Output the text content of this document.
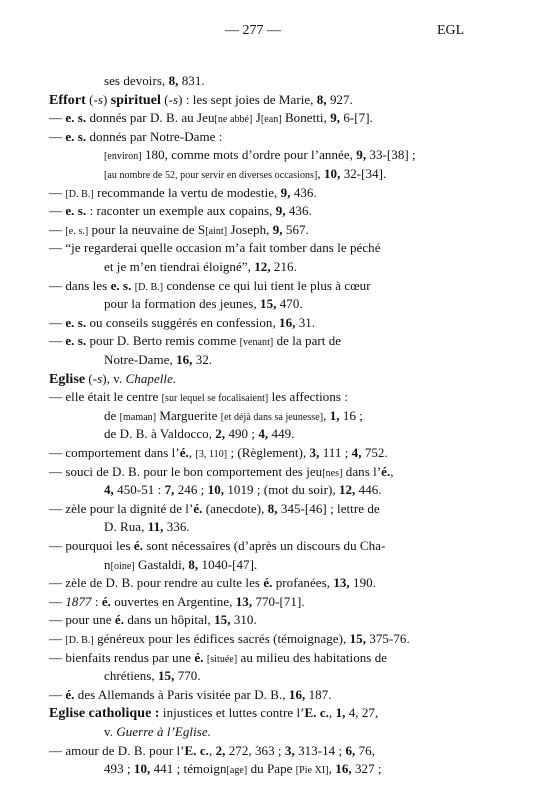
— 277 —	EGL
ses devoirs, 8, 831.
Effort (-s) spirituel (-s) : les sept joies de Marie, 8, 927.
— e. s. donnés par D. B. au Jeu[ne abbé] J[ean] Bonetti, 9, 6-[7].
— e. s. donnés par Notre-Dame :
[environ] 180, comme mots d’ordre pour l’année, 9, 33-[38] ;
[au nombre de 52, pour servir en diverses occasions], 10, 32-[34].
— [D. B.] recommande la vertu de modestie, 9, 436.
— e. s. : raconter un exemple aux copains, 9, 436.
— [e. s.] pour la neuvaine de S[aint] Joseph, 9, 567.
— “je regarderai quelle occasion m’a fait tomber dans le péché
et je m’en tiendrai éloigné”, 12, 216.
— dans les e. s. [D. B.] condense ce qui lui tient le plus à cœur
pour la formation des jeunes, 15, 470.
— e. s. ou conseils suggérés en confession, 16, 31.
— e. s. pour D. Berto remis comme [venant] de la part de
Notre-Dame, 16, 32.
Eglise (-s), v. Chapelle.
— elle était le centre [sur lequel se focalisaient] les affections :
de [maman] Marguerite [et déjà dans sa jeunesse], 1, 16 ;
de D. B. à Valdocco, 2, 490 ; 4, 449.
— comportement dans l’é., [3, 110] ; (Règlement), 3, 111 ; 4, 752.
— souci de D. B. pour le bon comportement des jeu[nes] dans l’é.,
4, 450-51 : 7, 246 ; 10, 1019 ; (mot du soir), 12, 446.
— zèle pour la dignité de l’é. (anecdote), 8, 345-[46] ; lettre de
D. Rua, 11, 336.
— pourquoi les é. sont nécessaires (d’après un discours du Cha-
n[oine] Gastaldi, 8, 1040-[47].
— zèle de D. B. pour rendre au culte les é. profanées, 13, 190.
— 1877 : é. ouvertes en Argentine, 13, 770-[71].
— pour une é. dans un hôpital, 15, 310.
— [D. B.] généreux pour les édifices sacrés (témoignage), 15, 375-76.
— bienfaits rendus par une é. [située] au milieu des habitations de
chrétiens, 15, 770.
— é. des Allemands à Paris visitée par D. B., 16, 187.
Eglise catholique : injustices et luttes contre l’E. c., 1, 4, 27,
v. Guerre à l’Eglise.
— amour de D. B. pour l’E. c., 2, 272, 363 ; 3, 313-14 ; 6, 76,
493 ; 10, 441 ; témoign[age] du Pape [Pie XI], 16, 327 ;
